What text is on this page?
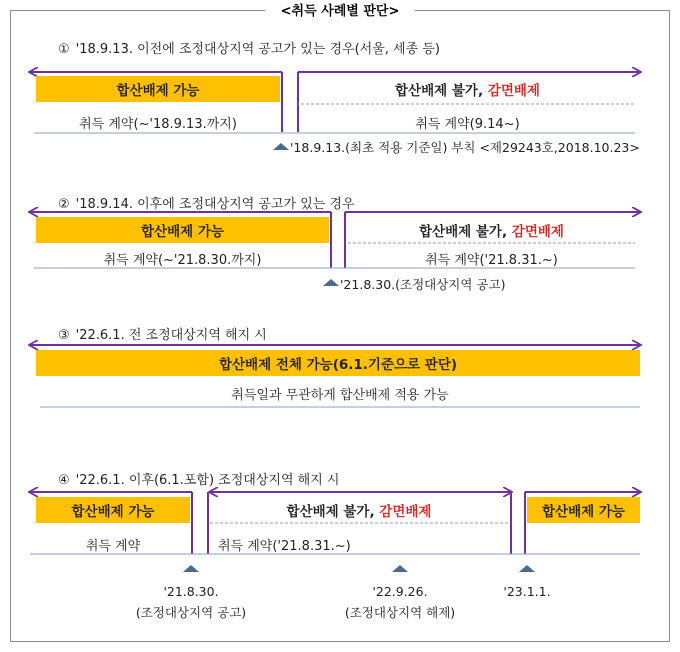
<취득 사례별 판단>
① '18.9.13. 이전에 조정대상지역 공고가 있는 경우(서울, 세종 등)
합산배제 가능	합산배제 불가,
감면배제
취득 계약(~'18.9.13.까지)	취득 계약(9.14~)
'18.9.13.(최초 적용 기준일) 부칙 <제29243호,2018.10.23>
② '18.9.14. 이후에 조정대상지역 공고가 있는 경우
합산배제 가능	합산배제 불가,
감면배제
취득 계약(~'21.8.30.까지)	취득 계약('21.8.31.~)
'21.8.30.(조정대상지역 공고)
③ '22.6.1. 전 조정대상지역 해지 시
합산배제 전체 가능(6.1.기준으로 판단)
취득일과 무관하게 합산배제 적용 가능
④ '22.6.1. 이후(6.1.포함) 조정대상지역 해지 시
합산배제 가능	합산배제 불가,
감면배제	합산배제 가능
취득 계약	취득 계약('21.8.31.~)
'21.8.30.
(조정대상지역 공고)
'22.9.26.
(조정대상지역 해제)
'23.1.1.
